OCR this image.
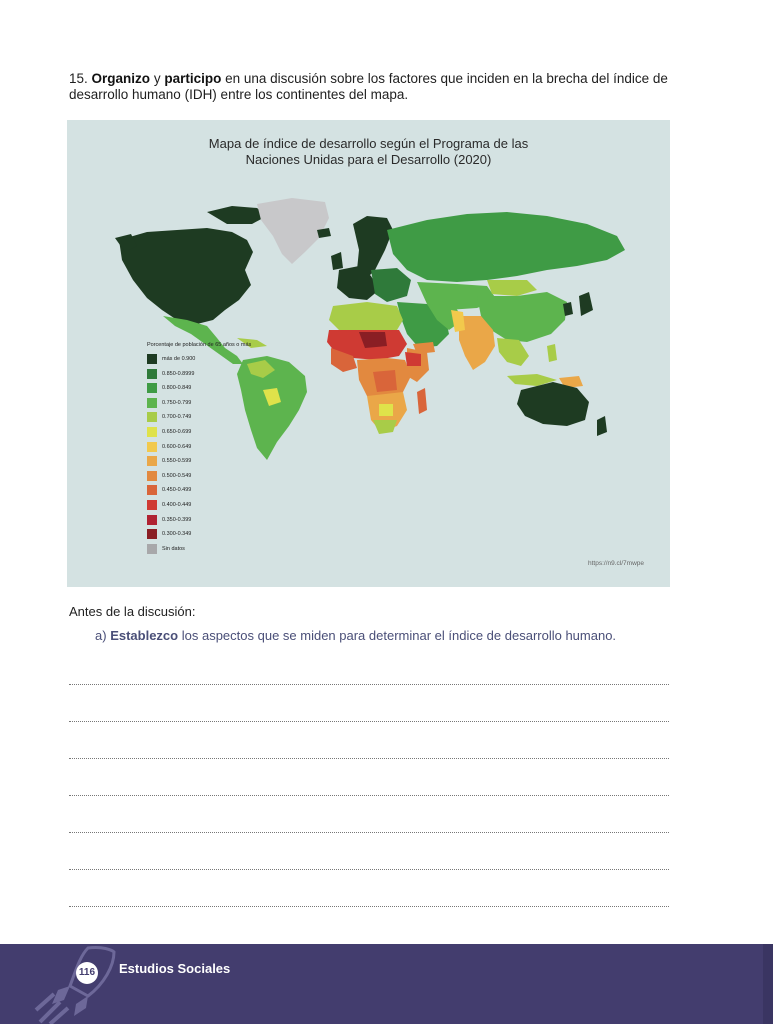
15. Organizo y participo en una discusión sobre los factores que inciden en la brecha del índice de desarrollo humano (IDH) entre los continentes del mapa.
Mapa de índice de desarrollo según el Programa de las
Naciones Unidas para el Desarrollo (2020)
Porcentaje de población de 65 años o más
más de 0.900
0.850-0.8999
0.800-0.849
0.750-0.799
0.700-0.749
0.650-0.699
0.600-0.649
0.550-0.599
0.500-0.549
0.450-0.499
0.400-0.449
0.350-0.399
0.300-0.349
Sin datos
https://n9.cl/7mwpe
Antes de la discusión:
a) Establezco los aspectos que se miden para determinar el índice de desarrollo humano.
116 Estudios Sociales
